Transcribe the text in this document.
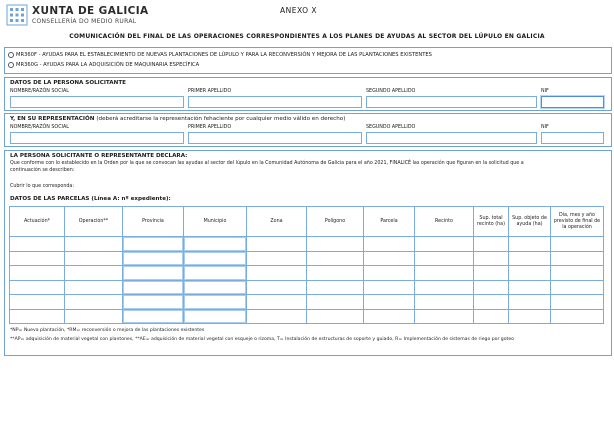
XUNTA DE GALICIA
CONSELLERÍA DO MEDIO RURAL
ANEXO X
COMUNICACIÓN DEL FINAL DE LAS OPERACIONES CORRESPONDIENTES A LOS PLANES DE AYUDAS AL SECTOR DEL LÚPULO EN GALICIA
MR360F - AYUDAS PARA EL ESTABLECIMIENTO DE NUEVAS PLANTACIONES DE LÚPULO Y PARA LA RECONVERSIÓN Y MEJORA DE LAS PLANTACIONES EXISTENTES
MR360G - AYUDAS PARA LA ADQUISICIÓN DE MAQUINARIA ESPECÍFICA
DATOS DE LA PERSONA SOLICITANTE
NOMBRE/RAZÓN SOCIAL	PRIMER APELLIDO	SEGUNDO APELLIDO	NIF
Y, EN SU REPRESENTACIÓN (deberá acreditarse la representación fehaciente por cualquier medio válido en derecho)
NOMBRE/RAZÓN SOCIAL	PRIMER APELLIDO	SEGUNDO APELLIDO	NIF
LA PERSONA SOLICITANTE O REPRESENTANTE DECLARA:
Que conforme con lo establecido en la Orden por la que se convocan las ayudas al sector del lúpulo en la Comunidad Autónoma de Galicia para el año 2021, FINALICÉ las operación que figuran en la solicitud que a
continuación se describen:
Cubrir lo que corresponda:
DATOS DE LAS PARCELAS (Línea A: nº expediente):
Actuación*	Operación**	Provincia	Municipio	Zona	Polígono	Parcela	Recinto	Sup. total recinto (ha)	Sup. objeto de ayuda (ha)	Día, mes y año previsto de final de la operación

*NP= Nueva plantación, *RM= reconversión o mejora de las plantaciones existentes
**AP= adquisición de material vegetal con plantones, **AE= adquisición de material vegetal con esqueje o rizoma, T= Instalación de estructuras de soporte y guiado, R= Implementación de sistemas de riego por goteo
